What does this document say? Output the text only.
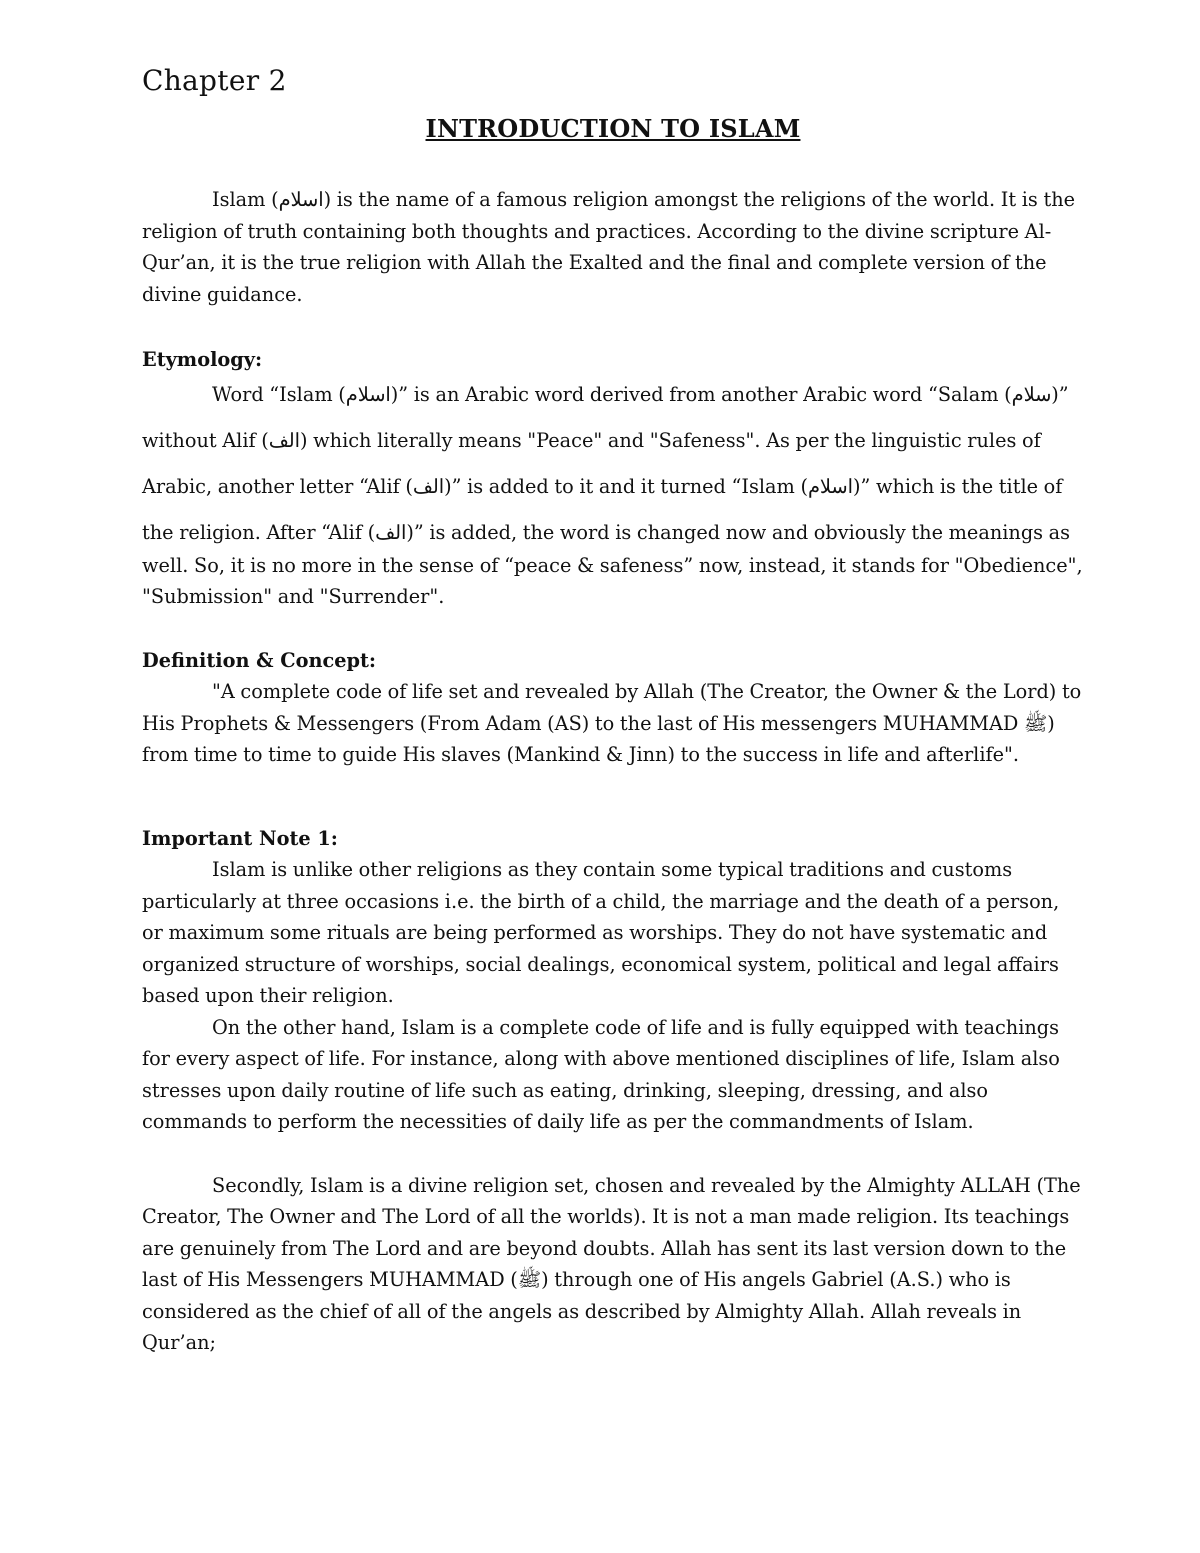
Chapter 2
INTRODUCTION TO ISLAM

Islam (اسلام) is the name of a famous religion amongst the religions of the world. It is the religion of truth containing both thoughts and practices. According to the divine scripture Al-Qur’an, it is the true religion with Allah the Exalted and the final and complete version of the divine guidance.

Etymology:

Word “Islam (اسلام)” is an Arabic word derived from another Arabic word “Salam (سلام)” without Alif (الف) which literally means "Peace" and "Safeness". As per the linguistic rules of Arabic, another letter “Alif (الف)” is added to it and it turned “Islam (اسلام)” which is the title of the religion. After “Alif (الف)” is added, the word is changed now and obviously the meanings as

well. So, it is no more in the sense of “peace & safeness” now, instead, it stands for "Obedience", "Submission" and "Surrender".

Definition & Concept:

"A complete code of life set and revealed by Allah (The Creator, the Owner & the Lord) to His Prophets & Messengers (From Adam (AS) to the last of His messengers MUHAMMAD ﷺ) from time to time to guide His slaves (Mankind & Jinn) to the success in life and afterlife".

Important Note 1:

Islam is unlike other religions as they contain some typical traditions and customs particularly at three occasions i.e. the birth of a child, the marriage and the death of a person, or maximum some rituals are being performed as worships. They do not have systematic and organized structure of worships, social dealings, economical system, political and legal affairs based upon their religion.

On the other hand, Islam is a complete code of life and is fully equipped with teachings for every aspect of life. For instance, along with above mentioned disciplines of life, Islam also stresses upon daily routine of life such as eating, drinking, sleeping, dressing, and also commands to perform the necessities of daily life as per the commandments of Islam.

Secondly, Islam is a divine religion set, chosen and revealed by the Almighty ALLAH (The Creator, The Owner and The Lord of all the worlds). It is not a man made religion. Its teachings are genuinely from The Lord and are beyond doubts. Allah has sent its last version down to the last of His Messengers MUHAMMAD (ﷺ) through one of His angels Gabriel (A.S.) who is considered as the chief of all of the angels as described by Almighty Allah. Allah reveals in Qur’an;
